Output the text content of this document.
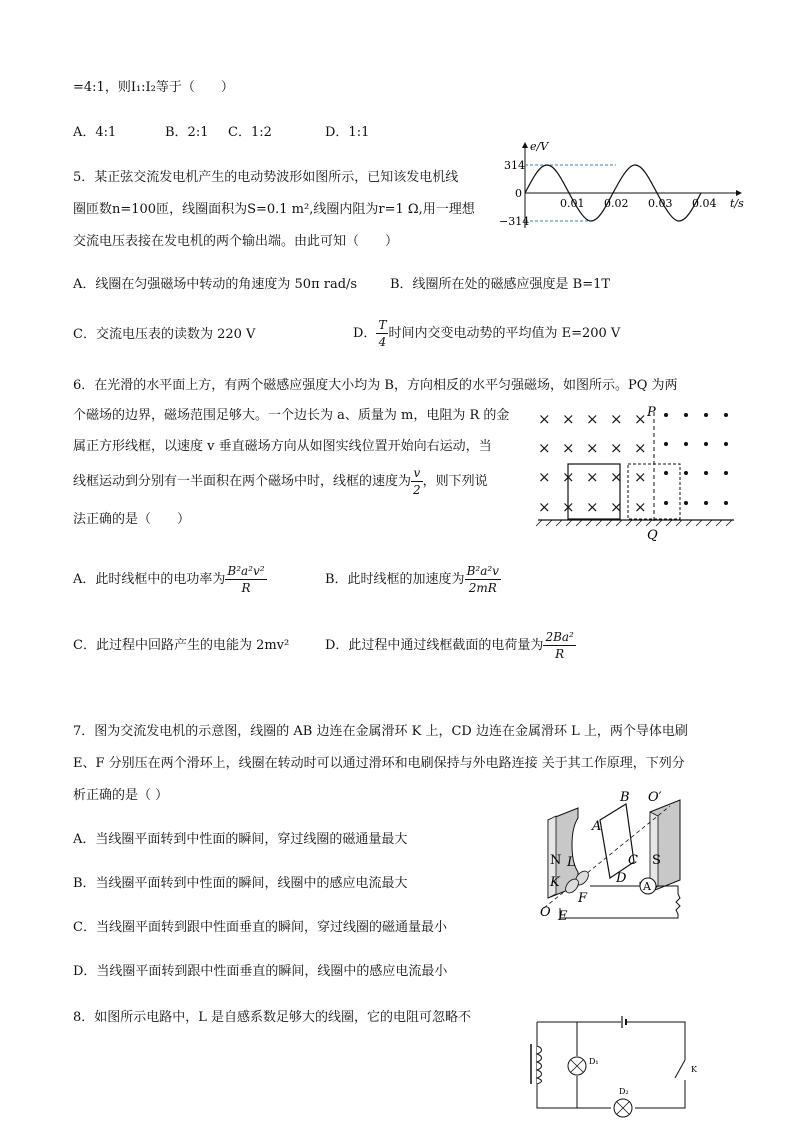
=4:1，则I₁:I₂等于（　　）
A．4:1	B．2:1 C．1:2	D．1:1
5．某正弦交流发电机产生的电动势波形如图所示，已知该发电机线
圈匝数n=100匝，线圈面积为S=0.1 m²,线圈内阻为r=1 Ω,用一理想
交流电压表接在发电机的两个输出端。由此可知（　　）
e/V
t/s
314
0
−314
0.01 0.02 0.03 0.04
A．线圈在匀强磁场中转动的角速度为 50π rad/s	B．线圈所在处的磁感应强度是 B=1T
C．交流电压表的读数为 220 V	D． $\frac{T}{4}$ 时间内交变电动势的平均值为 E=200 V
6．在光滑的水平面上方，有两个磁感应强度大小均为 B，方向相反的水平匀强磁场，如图所示。PQ 为两
个磁场的边界，磁场范围足够大。一个边长为 a、质量为 m，电阻为 R 的金
属正方形线框，以速度 v 垂直磁场方向从如图实线位置开始向右运动，当
线框运动到分别有一半面积在两个磁场中时，线框的速度为 $\frac{v}{2}$ ，则下列说
法正确的是（　　）
× × × × ×
× × × × ×
× × × × ×
× × × × ×
P
Q
A．此时线框中的电功率为 $\frac{\text{B²a²v²}}{R}$	B．此时线框的加速度为 $\frac{\text{B²a²v}}{2mR}$
C．此过程中回路产生的电能为 2mv²	D．此过程中通过线框截面的电荷量为 $\frac{\text{2Ba²}}{R}$
7．图为交流发电机的示意图，线圈的 AB 边连在金属滑环 K 上，CD 边连在金属滑环 L 上，两个导体电刷
E、F 分别压在两个滑环上，线圈在转动时可以通过滑环和电刷保持与外电路连接 关于其工作原理，下列分
析正确的是（ ）
A．当线圈平面转到中性面的瞬间，穿过线圈的磁通量最大
B．当线圈平面转到中性面的瞬间，线圈中的感应电流最大
C．当线圈平面转到跟中性面垂直的瞬间，穿过线圈的磁通量最小
D．当线圈平面转到跟中性面垂直的瞬间，线圈中的感应电流最小
B O′
A
N	S
L	C
K
F
D
A
O E
8．如图所示电路中，L 是自感系数足够大的线圈，它的电阻可忽略不
D₁
D₂
K
